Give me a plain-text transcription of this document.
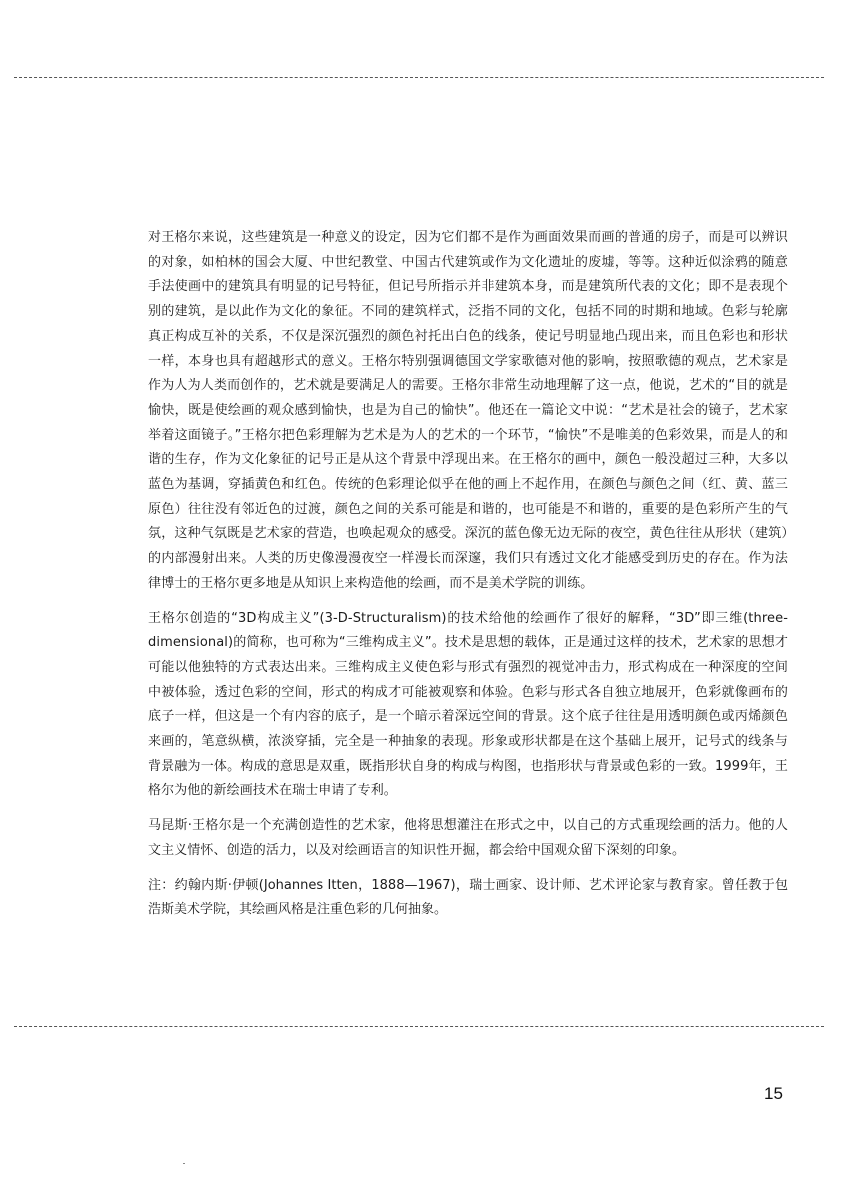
对王格尔来说，这些建筑是一种意义的设定，因为它们都不是作为画面效果而画的普通的房子，而是可以辨识的对象，如柏林的国会大厦、中世纪教堂、中国古代建筑或作为文化遗址的废墟，等等。这种近似涂鸦的随意手法使画中的建筑具有明显的记号特征，但记号所指示并非建筑本身，而是建筑所代表的文化；即不是表现个别的建筑，是以此作为文化的象征。不同的建筑样式，泛指不同的文化，包括不同的时期和地域。色彩与轮廓真正构成互补的关系，不仅是深沉强烈的颜色衬托出白色的线条，使记号明显地凸现出来，而且色彩也和形状一样，本身也具有超越形式的意义。王格尔特别强调德国文学家歌德对他的影响，按照歌德的观点，艺术家是作为人为人类而创作的，艺术就是要满足人的需要。王格尔非常生动地理解了这一点，他说，艺术的“目的就是愉快，既是使绘画的观众感到愉快，也是为自己的愉快”。他还在一篇论文中说：“艺术是社会的镜子，艺术家举着这面镜子。”王格尔把色彩理解为艺术是为人的艺术的一个环节，“愉快”不是唯美的色彩效果，而是人的和谐的生存，作为文化象征的记号正是从这个背景中浮现出来。在王格尔的画中，颜色一般没超过三种，大多以蓝色为基调，穿插黄色和红色。传统的色彩理论似乎在他的画上不起作用，在颜色与颜色之间（红、黄、蓝三原色）往往没有邻近色的过渡，颜色之间的关系可能是和谐的，也可能是不和谐的，重要的是色彩所产生的气氛，这种气氛既是艺术家的营造，也唤起观众的感受。深沉的蓝色像无边无际的夜空，黄色往往从形状（建筑）的内部漫射出来。人类的历史像漫漫夜空一样漫长而深邃，我们只有透过文化才能感受到历史的存在。作为法律博士的王格尔更多地是从知识上来构造他的绘画，而不是美术学院的训练。

王格尔创造的“3D构成主义”(3-D-Structuralism)的技术给他的绘画作了很好的解释，“3D”即三维(three-dimensional)的简称，也可称为“三维构成主义”。技术是思想的载体，正是通过这样的技术，艺术家的思想才可能以他独特的方式表达出来。三维构成主义使色彩与形式有强烈的视觉冲击力，形式构成在一种深度的空间中被体验，透过色彩的空间，形式的构成才可能被观察和体验。色彩与形式各自独立地展开，色彩就像画布的底子一样，但这是一个有内容的底子，是一个暗示着深远空间的背景。这个底子往往是用透明颜色或丙烯颜色来画的，笔意纵横，浓淡穿插，完全是一种抽象的表现。形象或形状都是在这个基础上展开，记号式的线条与背景融为一体。构成的意思是双重，既指形状自身的构成与构图，也指形状与背景或色彩的一致。1999年，王格尔为他的新绘画技术在瑞士申请了专利。

马昆斯·王格尔是一个充满创造性的艺术家，他将思想灌注在形式之中，以自己的方式重现绘画的活力。他的人文主义情怀、创造的活力，以及对绘画语言的知识性开掘，都会给中国观众留下深刻的印象。

注：约翰内斯·伊顿(Johannes Itten，1888—1967)，瑞士画家、设计师、艺术评论家与教育家。曾任教于包浩斯美术学院，其绘画风格是注重色彩的几何抽象。

15
